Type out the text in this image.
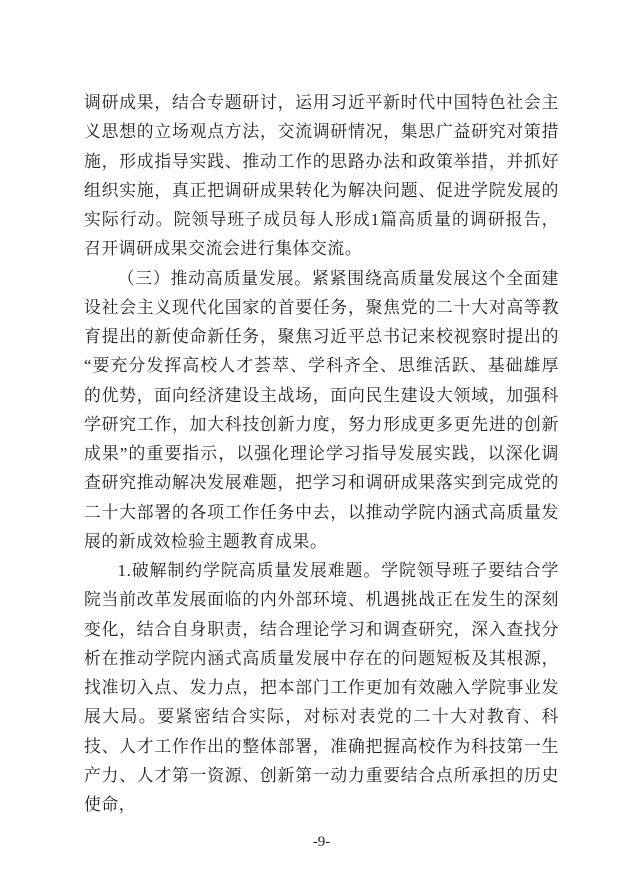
调研成果，结合专题研讨，运用习近平新时代中国特色社会主义思想的立场观点方法，交流调研情况，集思广益研究对策措施，形成指导实践、推动工作的思路办法和政策举措，并抓好组织实施，真正把调研成果转化为解决问题、促进学院发展的实际行动。院领导班子成员每人形成1篇高质量的调研报告，召开调研成果交流会进行集体交流。

（三）推动高质量发展。紧紧围绕高质量发展这个全面建设社会主义现代化国家的首要任务，聚焦党的二十大对高等教育提出的新使命新任务，聚焦习近平总书记来校视察时提出的“要充分发挥高校人才荟萃、学科齐全、思维活跃、基础雄厚的优势，面向经济建设主战场，面向民生建设大领域，加强科学研究工作，加大科技创新力度，努力形成更多更先进的创新成果”的重要指示，以强化理论学习指导发展实践，以深化调查研究推动解决发展难题，把学习和调研成果落实到完成党的二十大部署的各项工作任务中去，以推动学院内涵式高质量发展的新成效检验主题教育成果。

1.破解制约学院高质量发展难题。学院领导班子要结合学院当前改革发展面临的内外部环境、机遇挑战正在发生的深刻变化，结合自身职责，结合理论学习和调查研究，深入查找分析在推动学院内涵式高质量发展中存在的问题短板及其根源，找准切入点、发力点，把本部门工作更加有效融入学院事业发展大局。要紧密结合实际，对标对表党的二十大对教育、科技、人才工作作出的整体部署，准确把握高校作为科技第一生产力、人才第一资源、创新第一动力重要结合点所承担的历史使命，

-9-
